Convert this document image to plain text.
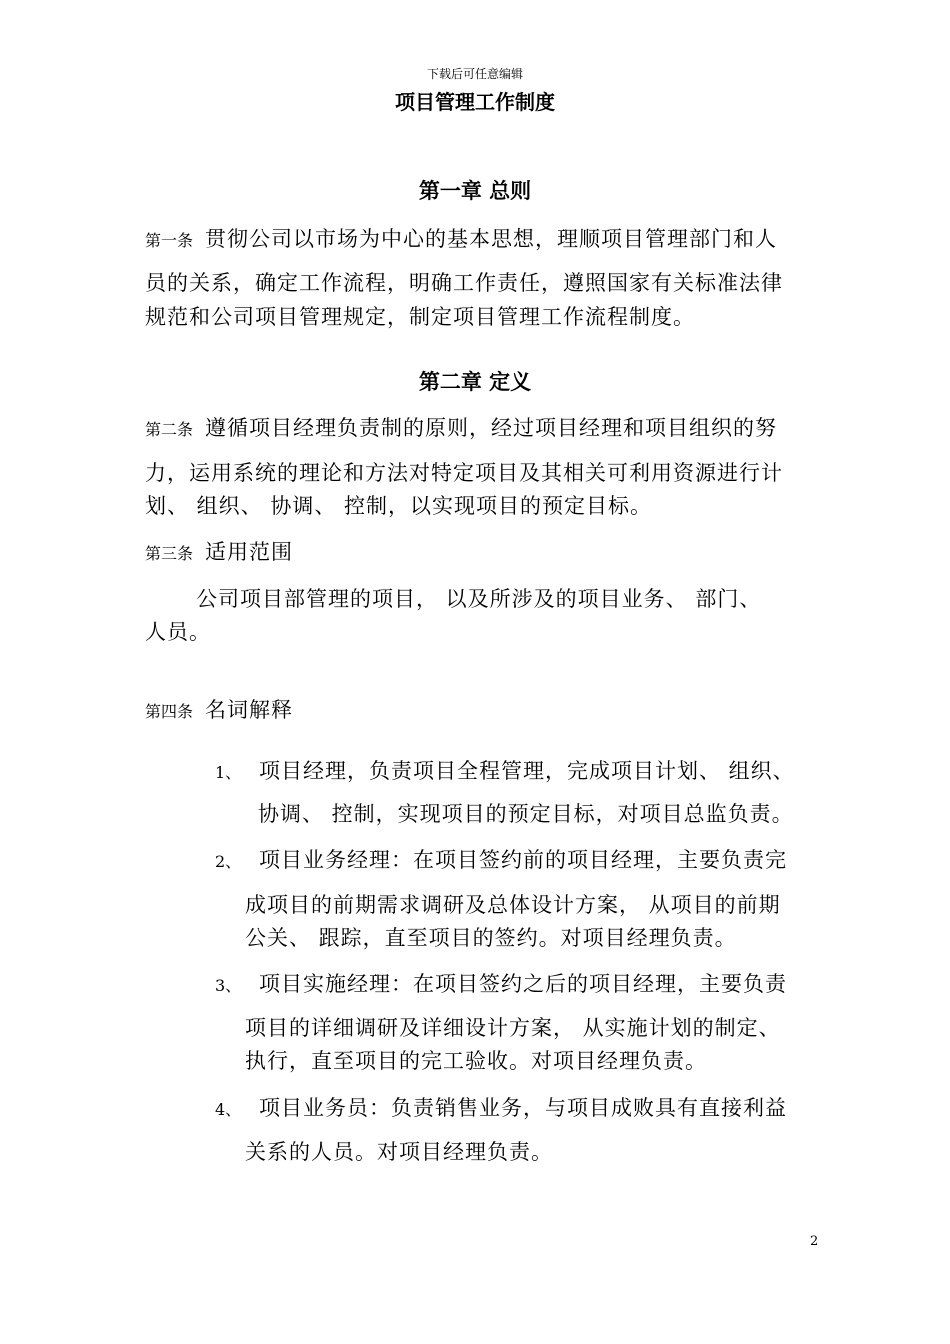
下载后可任意编辑
项目管理工作制度
第一章 总则
第一条 贯彻公司以市场为中心的基本思想，理顺项目管理部门和人
员的关系，确定工作流程，明确工作责任，遵照国家有关标准法律
规范和公司项目管理规定，制定项目管理工作流程制度。
第二章 定义
第二条 遵循项目经理负责制的原则，经过项目经理和项目组织的努
力，运用系统的理论和方法对特定项目及其相关可利用资源进行计
划、 组织、 协调、 控制，以实现项目的预定目标。
第三条 适用范围
公司项目部管理的项目， 以及所涉及的项目业务、 部门、
人员。
第四条 名词解释
1、 项目经理，负责项目全程管理，完成项目计划、 组织、
协调、 控制，实现项目的预定目标，对项目总监负责。
2、 项目业务经理：在项目签约前的项目经理，主要负责完
成项目的前期需求调研及总体设计方案， 从项目的前期
公关、 跟踪，直至项目的签约。对项目经理负责。
3、 项目实施经理：在项目签约之后的项目经理，主要负责
项目的详细调研及详细设计方案， 从实施计划的制定、
执行，直至项目的完工验收。对项目经理负责。
4、 项目业务员：负责销售业务，与项目成败具有直接利益
关系的人员。对项目经理负责。
2
